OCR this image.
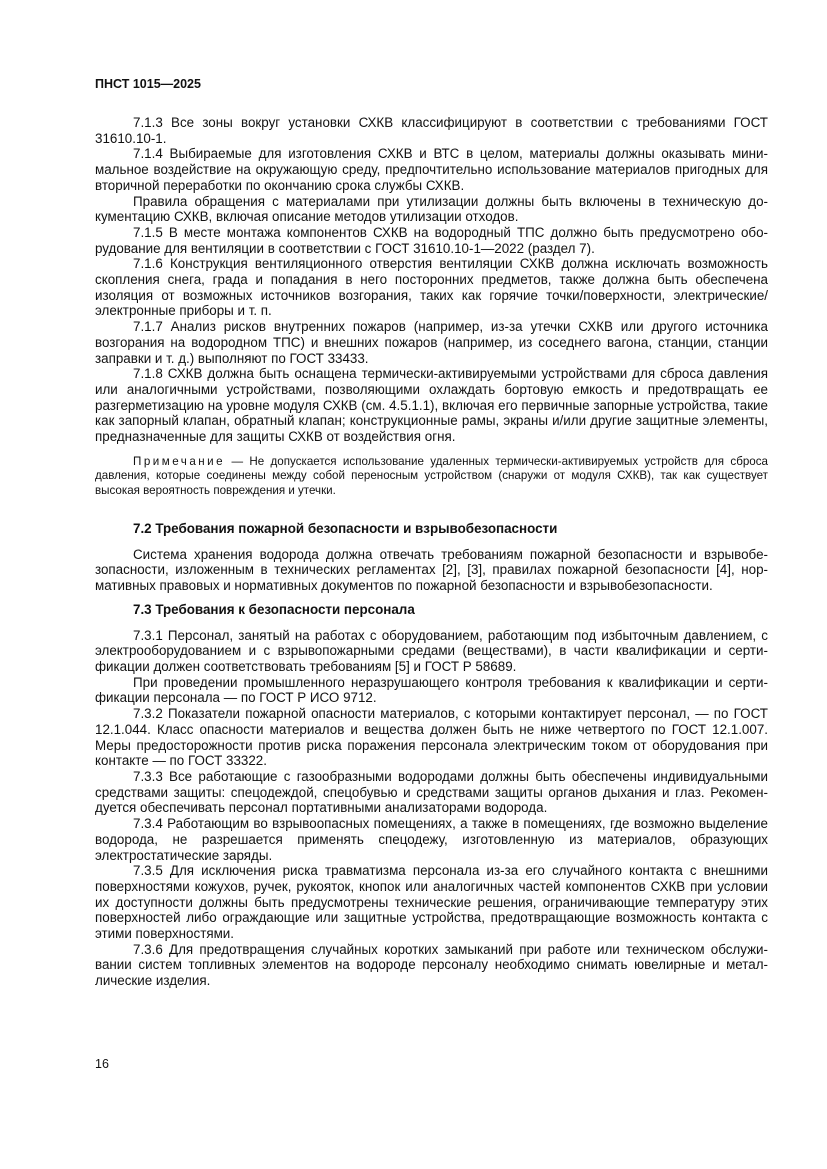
ПНСТ 1015—2025

7.1.3 Все зоны вокруг установки СХКВ классифицируют в соответствии с требованиями ГОСТ 31610.10-1.

7.1.4 Выбираемые для изготовления СХКВ и ВТС в целом, материалы должны оказывать минимальное воздействие на окружающую среду, предпочтительно использование материалов пригодных для вторичной переработки по окончанию срока службы СХКВ.

Правила обращения с материалами при утилизации должны быть включены в техническую документацию СХКВ, включая описание методов утилизации отходов.

7.1.5 В месте монтажа компонентов СХКВ на водородный ТПС должно быть предусмотрено оборудование для вентиляции в соответствии с ГОСТ 31610.10-1—2022 (раздел 7).

7.1.6 Конструкция вентиляционного отверстия вентиляции СХКВ должна исключать возможность скопления снега, града и попадания в него посторонних предметов, также должна быть обеспечена изоляция от возможных источников возгорания, таких как горячие точки/поверхности, электрические/ электронные приборы и т. п.

7.1.7 Анализ рисков внутренних пожаров (например, из-за утечки СХКВ или другого источника возгорания на водородном ТПС) и внешних пожаров (например, из соседнего вагона, станции, станции заправки и т. д.) выполняют по ГОСТ 33433.

7.1.8 СХКВ должна быть оснащена термически-активируемыми устройствами для сброса давления или аналогичными устройствами, позволяющими охлаждать бортовую емкость и предотвращать ее разгерметизацию на уровне модуля СХКВ (см. 4.5.1.1), включая его первичные запорные устройства, такие как запорный клапан, обратный клапан; конструкционные рамы, экраны и/или другие защитные элементы, предназначенные для защиты СХКВ от воздействия огня.

Примечание — Не допускается использование удаленных термически-активируемых устройств для сброса давления, которые соединены между собой переносным устройством (снаружи от модуля СХКВ), так как существует высокая вероятность повреждения и утечки.

7.2 Требования пожарной безопасности и взрывобезопасности

Система хранения водорода должна отвечать требованиям пожарной безопасности и взрывобезопасности, изложенным в технических регламентах [2], [3], правилах пожарной безопасности [4], нормативных правовых и нормативных документов по пожарной безопасности и взрывобезопасности.

7.3 Требования к безопасности персонала

7.3.1 Персонал, занятый на работах с оборудованием, работающим под избыточным давлением, с электрооборудованием и с взрывопожарными средами (веществами), в части квалификации и сертификации должен соответствовать требованиям [5] и ГОСТ Р 58689.

При проведении промышленного неразрушающего контроля требования к квалификации и сертификации персонала — по ГОСТ Р ИСО 9712.

7.3.2 Показатели пожарной опасности материалов, с которыми контактирует персонал, — по ГОСТ 12.1.044. Класс опасности материалов и вещества должен быть не ниже четвертого по ГОСТ 12.1.007. Меры предосторожности против риска поражения персонала электрическим током от оборудования при контакте — по ГОСТ 33322.

7.3.3 Все работающие с газообразными водородами должны быть обеспечены индивидуальными средствами защиты: спецодеждой, спецобувью и средствами защиты органов дыхания и глаз. Рекомендуется обеспечивать персонал портативными анализаторами водорода.

7.3.4 Работающим во взрывоопасных помещениях, а также в помещениях, где возможно выделение водорода, не разрешается применять спецодежу, изготовленную из материалов, образующих электростатические заряды.

7.3.5 Для исключения риска травматизма персонала из-за его случайного контакта с внешними поверхностями кожухов, ручек, рукояток, кнопок или аналогичных частей компонентов СХКВ при условии их доступности должны быть предусмотрены технические решения, ограничивающие температуру этих поверхностей либо ограждающие или защитные устройства, предотвращающие возможность контакта с этими поверхностями.

7.3.6 Для предотвращения случайных коротких замыканий при работе или техническом обслуживании систем топливных элементов на водороде персоналу необходимо снимать ювелирные и металлические изделия.

16
